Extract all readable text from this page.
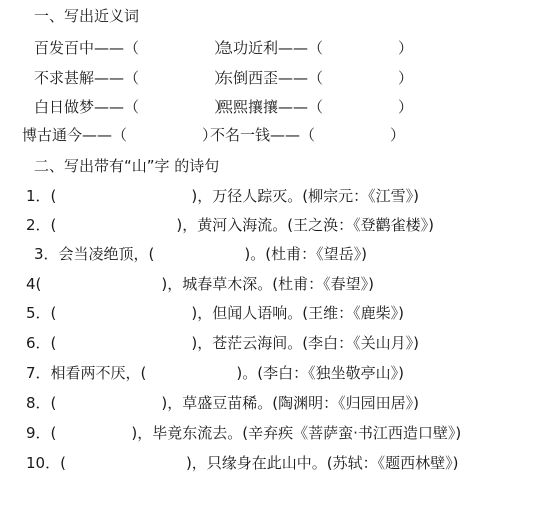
一、写出近义词
百发百中——（　　　　　）
急功近利——（　　　　　）
不求甚解——（　　　　　）
东倒西歪——（　　　　　）
白日做梦——（　　　　　）
熙熙攘攘——（　　　　　）
博古通今——（　　　　　）
不名一钱——（　　　　　）
二、写出带有“山”字 的诗句
1．(　　　　　　　　　)，万径人踪灭。(柳宗元：《江雪》)
2．(　　　　　　　　)，黄河入海流。(王之涣：《登鹳雀楼》)
3．会当凌绝顶，(　　　　　　)。(杜甫：《望岳》)
4(　　　　　　　　)，城春草木深。(杜甫：《春望》)
5．(　　　　　　　　　)，但闻人语响。(王维：《鹿柴》)
6．(　　　　　　　　　)，苍茫云海间。(李白：《关山月》)
7．相看两不厌，(　　　　　　)。(李白：《独坐敬亭山》)
8．(　　　　　　　)，草盛豆苗稀。(陶渊明：《归园田居》)
9．(　　　　　)，毕竟东流去。(辛弃疾《菩萨蛮·书江西造口壁》)
10．(　　　　　　　　)，只缘身在此山中。(苏轼：《题西林壁》)
